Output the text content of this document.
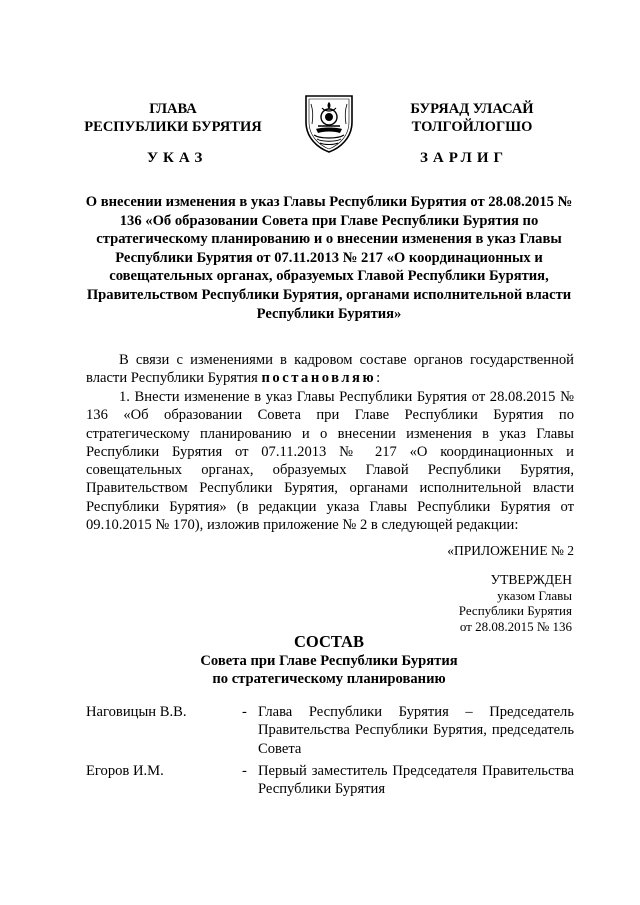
ГЛАВА
РЕСПУБЛИКИ БУРЯТИЯ
УКАЗ
БУРЯАД УЛАСАЙ
ТОЛГОЙЛОГШО
ЗАРЛИГ
О внесении изменения в указ Главы Республики Бурятия от 28.08.2015 № 136 «Об образовании Совета при Главе Республики Бурятия по стратегическому планированию и о внесении изменения в указ Главы Республики Бурятия от 07.11.2013 № 217 «О координационных и совещательных органах, образуемых Главой Республики Бурятия, Правительством Республики Бурятия, органами исполнительной власти Республики Бурятия»
В связи с изменениями в кадровом составе органов государственной власти Республики Бурятия постановляю:
1. Внести изменение в указ Главы Республики Бурятия от 28.08.2015 № 136 «Об образовании Совета при Главе Республики Бурятия по стратегическому планированию и о внесении изменения в указ Главы Республики Бурятия от 07.11.2013 № 217 «О координационных и совещательных органах, образуемых Главой Республики Бурятия, Правительством Республики Бурятия, органами исполнительной власти Республики Бурятия» (в редакции указа Главы Республики Бурятия от 09.10.2015 № 170), изложив приложение № 2 в следующей редакции:
«ПРИЛОЖЕНИЕ № 2
УТВЕРЖДЕН
указом Главы
Республики Бурятия
от 28.08.2015 № 136
СОСТАВ
Совета при Главе Республики Бурятия
по стратегическому планированию
Наговицын В.В.	- Глава Республики Бурятия – Председатель Правительства Республики Бурятия, председатель Совета
Егоров И.М.	- Первый заместитель Председателя Правительства Республики Бурятия
